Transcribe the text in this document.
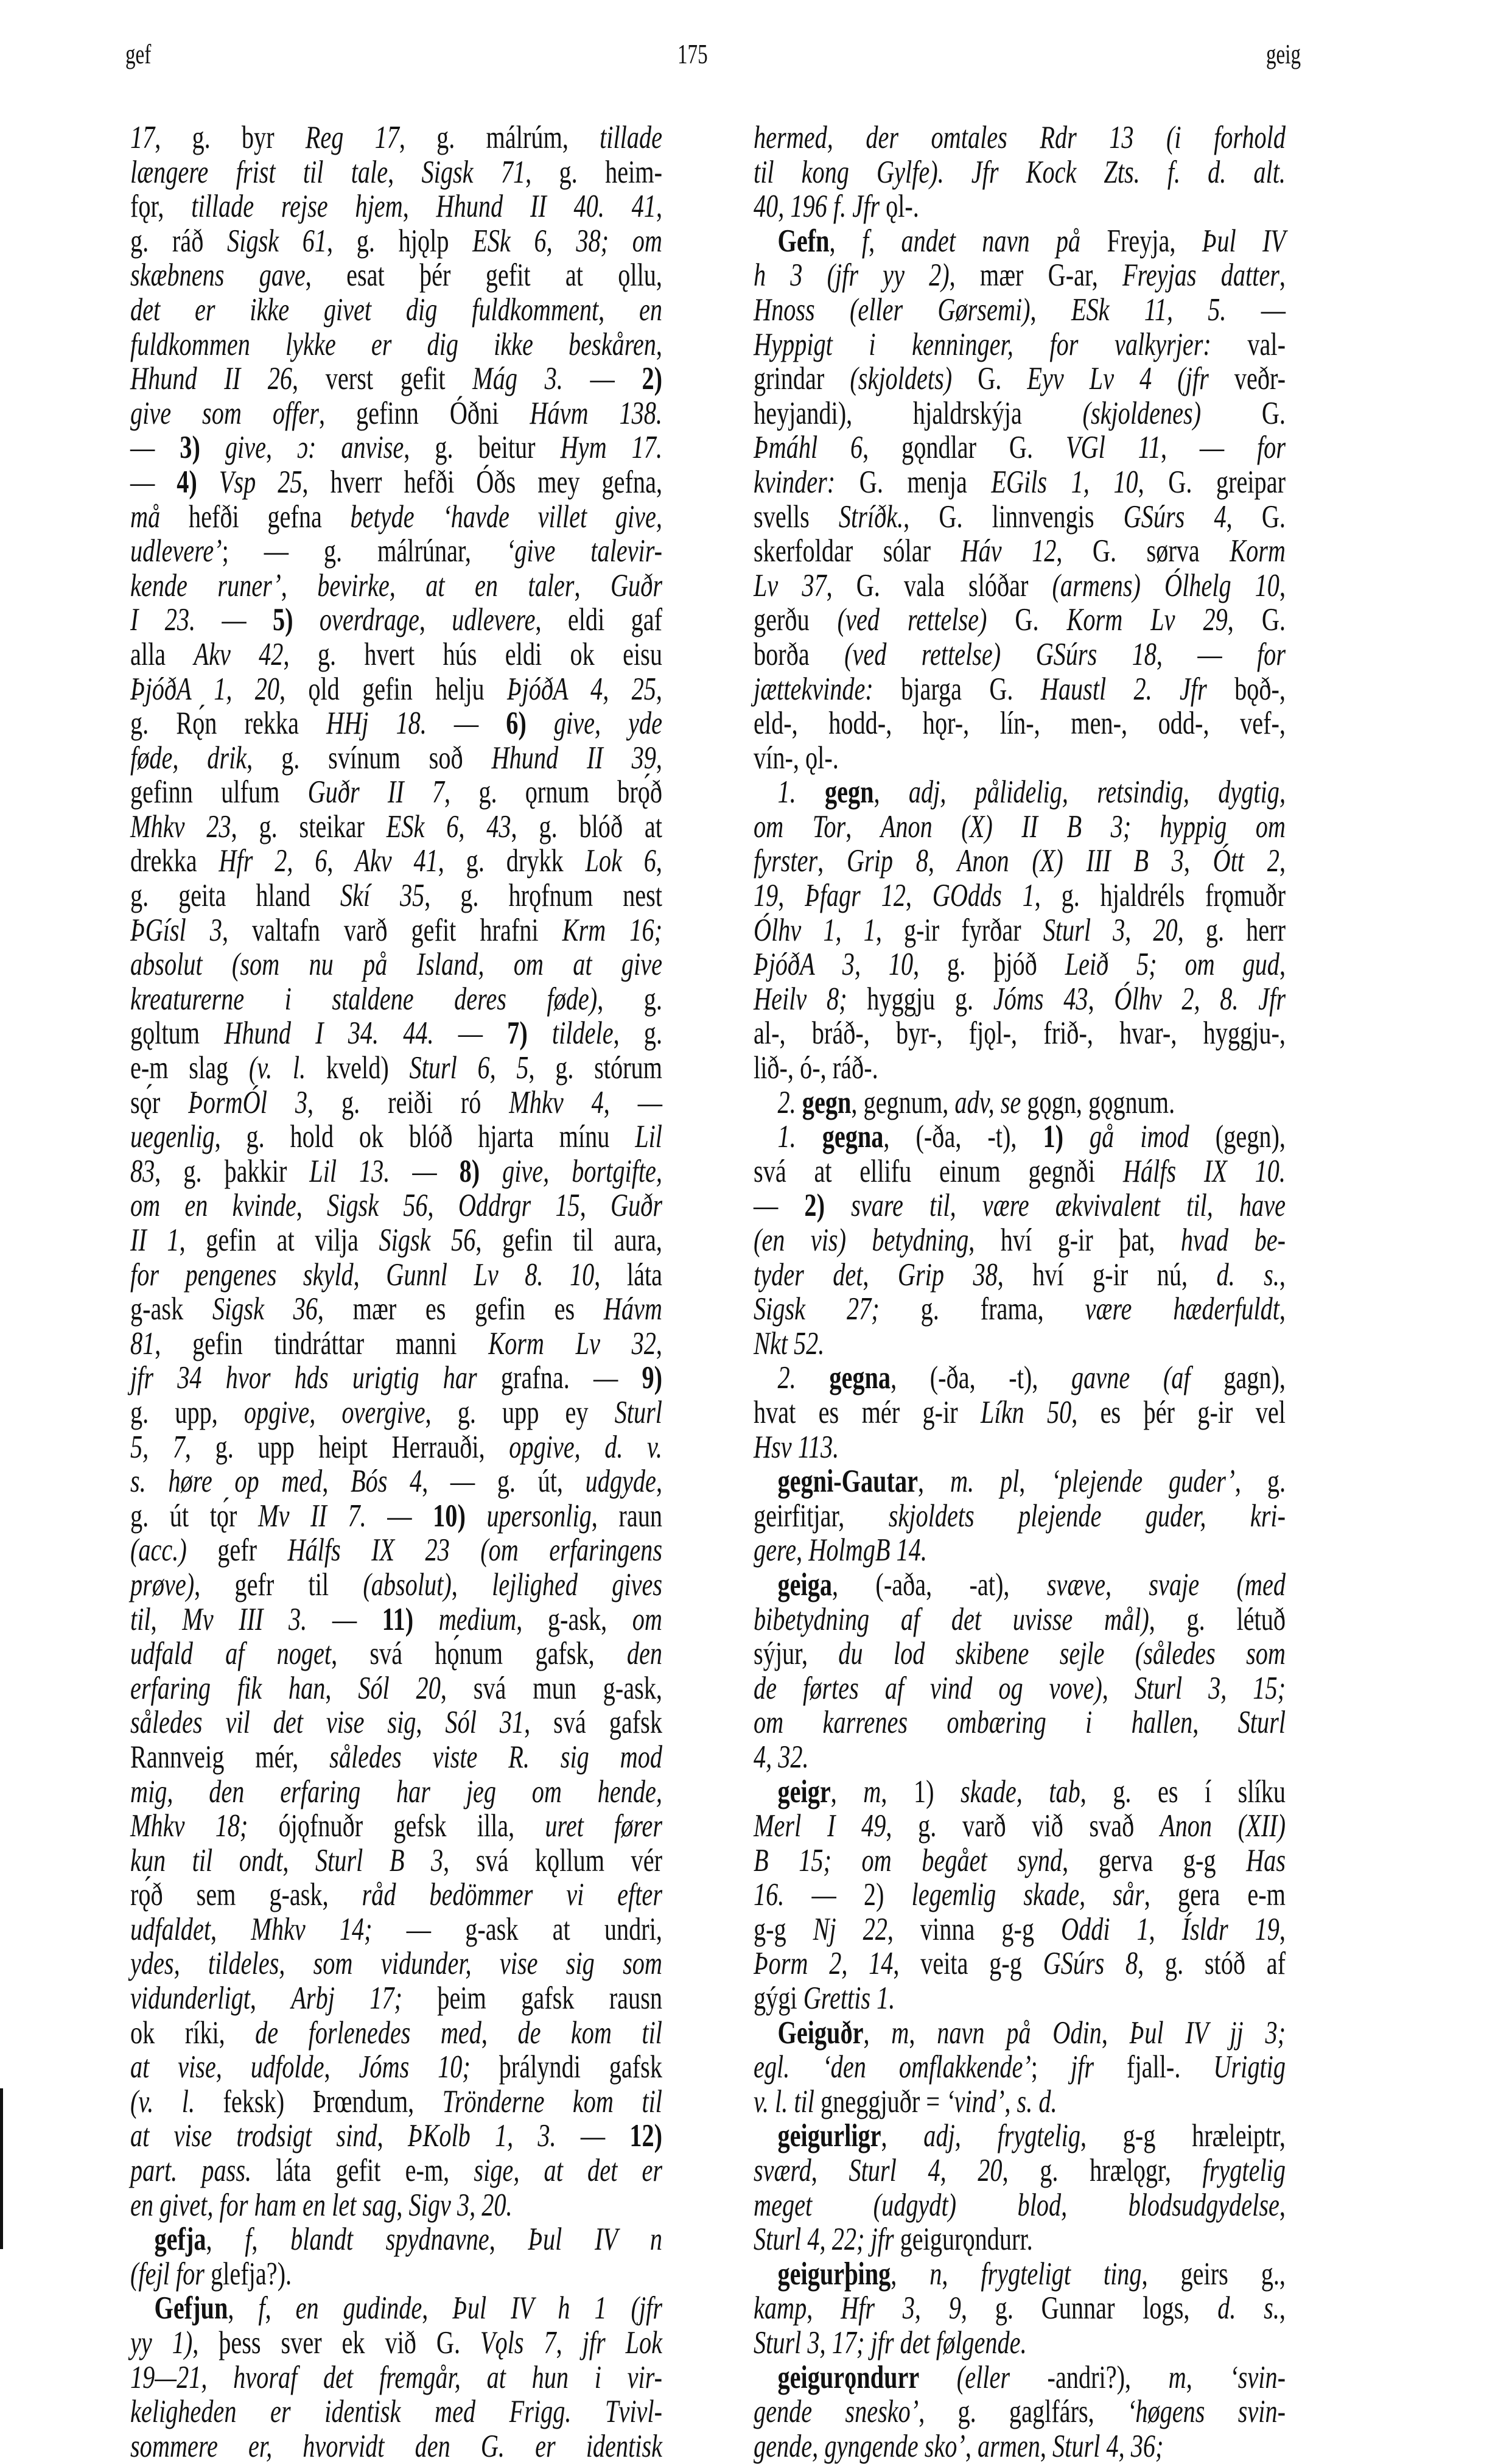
gef	175	geig
17, g. byr Reg 17, g. málrúm, tillade
længere frist til tale, Sigsk 71, g. heim-
fǫr, tillade rejse hjem, Hhund II 40. 41,
g. ráð Sigsk 61, g. hjǫlp ESk 6, 38; om
skæbnens gave, esat þér gefit at ǫllu,
det er ikke givet dig fuldkomment, en
fuldkommen lykke er dig ikke beskåren,
Hhund II 26, verst gefit Mág 3. — 2)
give som offer, gefinn Óðni Hávm 138.
— 3) give, ɔ: anvise, g. beitur Hym 17.
— 4) Vsp 25, hverr hefði Óðs mey gefna,
må hefði gefna betyde ‘havde villet give,
udlevere’; — g. málrúnar, ‘give talevir-
kende runer’, bevirke, at en taler, Guðr
I 23. — 5) overdrage, udlevere, eldi gaf
alla Akv 42, g. hvert hús eldi ok eisu
ÞjóðA 1, 20, ǫld gefin helju ÞjóðA 4, 25,
g. Rǫ́n rekka HHj 18. — 6) give, yde
føde, drik, g. svínum soð Hhund II 39,
gefinn ulfum Guðr II 7, g. ǫrnum brǫ́ð
Mhkv 23, g. steikar ESk 6, 43, g. blóð at
drekka Hfr 2, 6, Akv 41, g. drykk Lok 6,
g. geita hland Skí 35, g. hrǫfnum nest
ÞGísl 3, valtafn varð gefit hrafni Krm 16;
absolut (som nu på Island, om at give
kreaturerne i staldene deres føde), g.
gǫltum Hhund I 34. 44. — 7) tildele, g.
e-m slag (v. l. kveld) Sturl 6, 5, g. stórum
sǫ́r ÞormÓl 3, g. reiði ró Mhkv 4, —
uegenlig, g. hold ok blóð hjarta mínu Lil
83, g. þakkir Lil 13. — 8) give, bortgifte,
om en kvinde, Sigsk 56, Oddrgr 15, Guðr
II 1, gefin at vilja Sigsk 56, gefin til aura,
for pengenes skyld, Gunnl Lv 8. 10, láta
g-ask Sigsk 36, mær es gefin es Hávm
81, gefin tindráttar manni Korm Lv 32,
jfr 34 hvor hds urigtig har grafna. — 9)
g. upp, opgive, overgive, g. upp ey Sturl
5, 7, g. upp heipt Herrauði, opgive, d. v.
s. høre op med, Bós 4, — g. út, udgyde,
g. út tǫ́r Mv II 7. — 10) upersonlig, raun
(acc.) gefr Hálfs IX 23 (om erfaringens
prøve), gefr til (absolut), lejlighed gives
til, Mv III 3. — 11) medium, g-ask, om
udfald af noget, svá hǫ́num gafsk, den
erfaring fik han, Sól 20, svá mun g-ask,
således vil det vise sig, Sól 31, svá gafsk
Rannveig mér, således viste R. sig mod
mig, den erfaring har jeg om hende,
Mhkv 18; ójǫfnuðr gefsk illa, uret fører
kun til ondt, Sturl B 3, svá kǫllum vér
rǫ́ð sem g-ask, råd bedömmer vi efter
udfaldet, Mhkv 14; — g-ask at undri,
ydes, tildeles, som vidunder, vise sig som
vidunderligt, Arbj 17; þeim gafsk rausn
ok ríki, de forlenedes med, de kom til
at vise, udfolde, Jóms 10; þrályndi gafsk
(v. l. feksk) Þrœndum, Trönderne kom til
at vise trodsigt sind, ÞKolb 1, 3. — 12)
part. pass. láta gefit e-m, sige, at det er
en givet, for ham en let sag, Sigv 3, 20.
gefja, f, blandt spydnavne, Þul IV n
(fejl for glefja?).
Gefjun, f, en gudinde, Þul IV h 1 (jfr
yy 1), þess sver ek við G. Vǫls 7, jfr Lok
19—21, hvoraf det fremgår, at hun i vir-
keligheden er identisk med Frigg. Tvivl-
sommere er, hvorvidt den G. er identisk
hermed, der omtales Rdr 13 (i forhold
til kong Gylfe). Jfr Kock Zts. f. d. alt.
40, 196 f. Jfr ǫl-.
Gefn, f, andet navn på Freyja, Þul IV
h 3 (jfr yy 2), mær G-ar, Freyjas datter,
Hnoss (eller Gørsemi), ESk 11, 5. —
Hyppigt i kenninger, for valkyrjer: val-
grindar (skjoldets) G. Eyv Lv 4 (jfr veðr-
heyjandi), hjaldrskýja (skjoldenes) G.
Þmáhl 6, gǫndlar G. VGl 11, — for
kvinder: G. menja EGils 1, 10, G. greipar
svells Stríðk., G. linnvengis GSúrs 4, G.
skerfoldar sólar Háv 12, G. sørva Korm
Lv 37, G. vala slóðar (armens) Ólhelg 10,
gerðu (ved rettelse) G. Korm Lv 29, G.
borða (ved rettelse) GSúrs 18, — for
jættekvinde: bjarga G. Haustl 2. Jfr bǫð-,
eld-, hodd-, hǫr-, lín-, men-, odd-, vef-,
vín-, ǫl-.
1. gegn, adj, pålidelig, retsindig, dygtig,
om Tor, Anon (X) II B 3; hyppig om
fyrster, Grip 8, Anon (X) III B 3, Ótt 2,
19, Þfagr 12, GOdds 1, g. hjaldréls frǫmuðr
Ólhv 1, 1, g-ir fyrðar Sturl 3, 20, g. herr
ÞjóðA 3, 10, g. þjóð Leið 5; om gud,
Heilv 8; hyggju g. Jóms 43, Ólhv 2, 8. Jfr
al-, bráð-, byr-, fjǫl-, frið-, hvar-, hyggju-,
lið-, ó-, ráð-.
2. gegn, gegnum, adv, se gǫgn, gǫgnum.
1. gegna, (-ða, -t), 1) gå imod (gegn),
svá at ellifu einum gegnði Hálfs IX 10.
— 2) svare til, være ækvivalent til, have
(en vis) betydning, hví g-ir þat, hvad be-
tyder det, Grip 38, hví g-ir nú, d. s.,
Sigsk 27; g. frama, være hæderfuldt,
Nkt 52.
2. gegna, (-ða, -t), gavne (af gagn),
hvat es mér g-ir Líkn 50, es þér g-ir vel
Hsv 113.
gegni-Gautar, m. pl, ‘plejende guder’, g.
geirfitjar, skjoldets plejende guder, kri-
gere, HolmgB 14.
geiga, (-aða, -at), svæve, svaje (med
bibetydning af det uvisse mål), g. létuð
sýjur, du lod skibene sejle (således som
de førtes af vind og vove), Sturl 3, 15;
om karrenes ombæring i hallen, Sturl
4, 32.
geigr, m, 1) skade, tab, g. es í slíku
Merl I 49, g. varð við svað Anon (XII)
B 15; om begået synd, gerva g-g Has
16. — 2) legemlig skade, sår, gera e-m
g-g Nj 22, vinna g-g Oddi 1, Ísldr 19,
Þorm 2, 14, veita g-g GSúrs 8, g. stóð af
gýgi Grettis 1.
Geiguðr, m, navn på Odin, Þul IV jj 3;
egl. ‘den omflakkende’; jfr fjall-. Urigtig
v. l. til gneggjuðr = ‘vind’, s. d.
geigurligr, adj, frygtelig, g-g hræleiptr,
sværd, Sturl 4, 20, g. hrælǫgr, frygtelig
meget (udgydt) blod, blodsudgydelse,
Sturl 4, 22; jfr geigurǫndurr.
geigurþing, n, frygteligt ting, geirs g.,
kamp, Hfr 3, 9, g. Gunnar logs, d. s.,
Sturl 3, 17; jfr det følgende.
geigurǫndurr (eller -andri?), m, ‘svin-
gende snesko’, g. gaglfárs, ‘høgens svin-
gende, gyngende sko’, armen, Sturl 4, 36;
